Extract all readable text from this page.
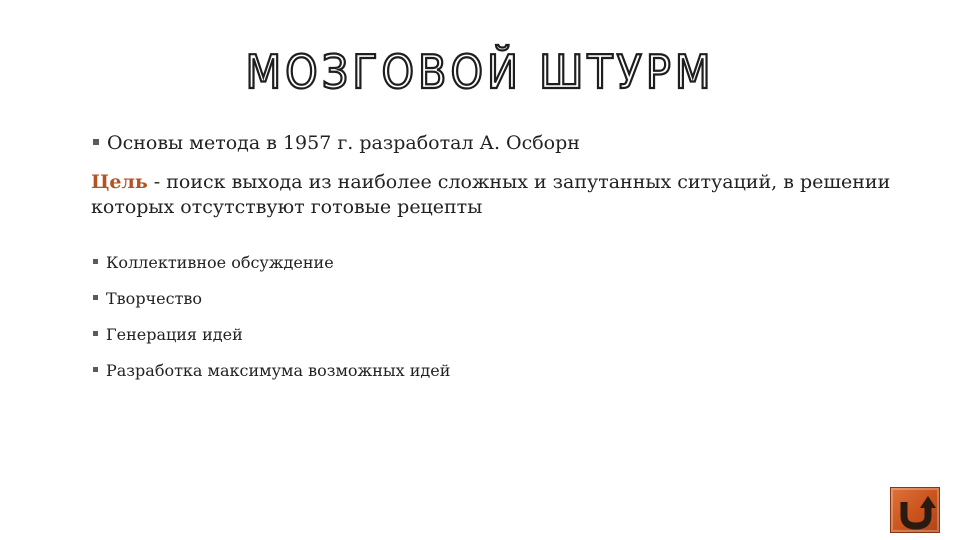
МОЗГОВОЙ ШТУРМ
Основы метода в 1957 г. разработал А. Осборн
Цель - поиск выхода из наиболее сложных и запутанных ситуаций, в решении которых отсутствуют готовые рецепты
Коллективное обсуждение
Творчество
Генерация идей
Разработка максимума возможных идей
